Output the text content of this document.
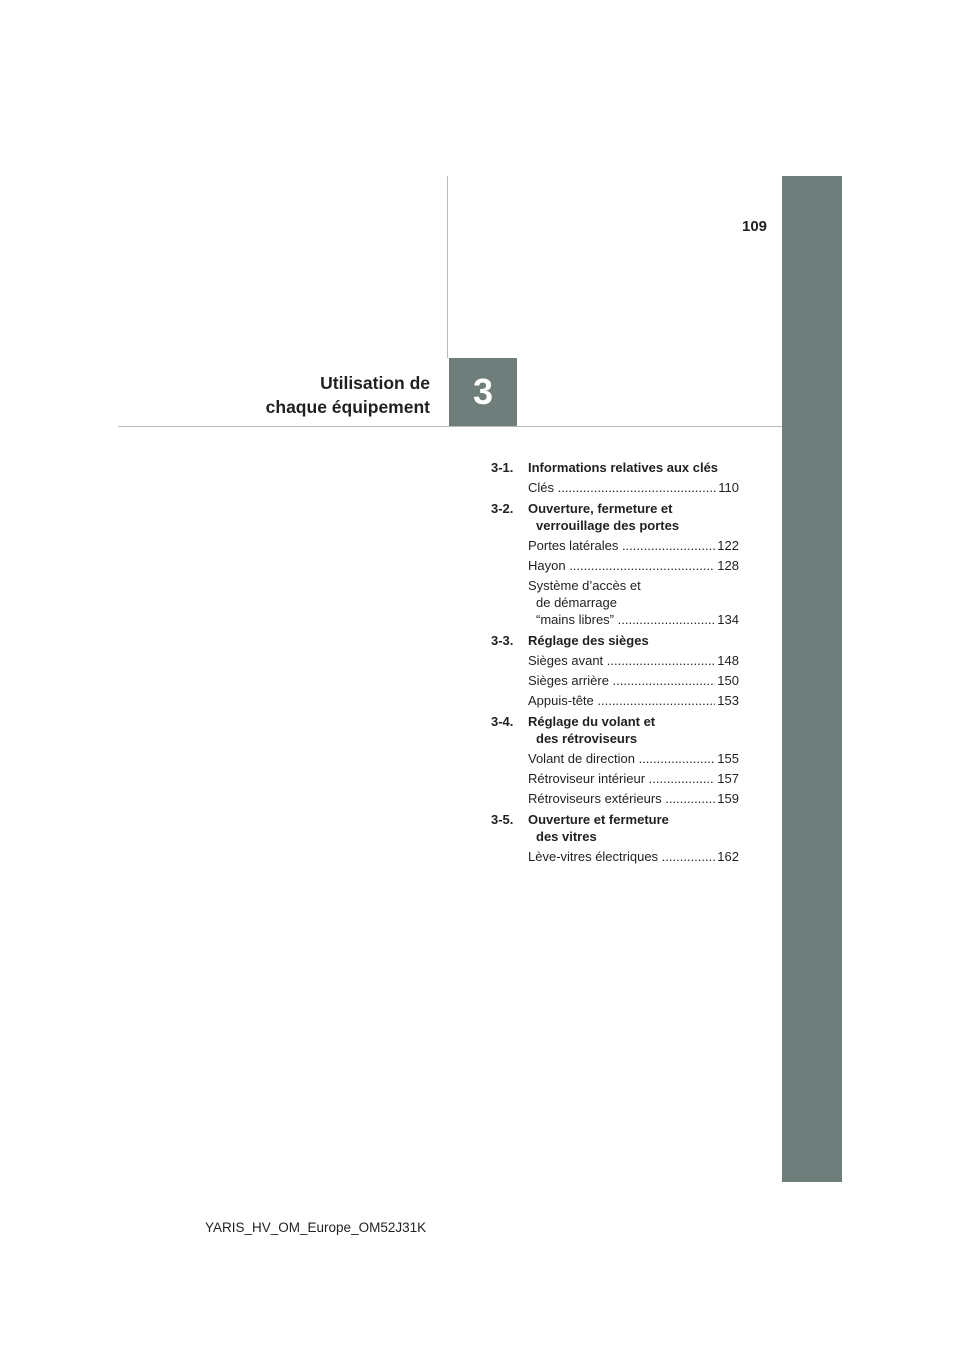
109
3
Utilisation de
chaque équipement
3-1.	Informations relatives aux clés
Clés .....	110
3-2.	Ouverture, fermeture et
verrouillage des portes
Portes latérales .....	122
Hayon .....	128
Système d’accès et
de démarrage
“mains libres” .....	134
3-3.	Réglage des sièges
Sièges avant .....	148
Sièges arrière .....	150
Appuis-tête .....	153
3-4.	Réglage du volant et
des rétroviseurs
Volant de direction .....	155
Rétroviseur intérieur .....	157
Rétroviseurs extérieurs .....	159
3-5.	Ouverture et fermeture
des vitres
Lève-vitres électriques .....	162
YARIS_HV_OM_Europe_OM52J31K
